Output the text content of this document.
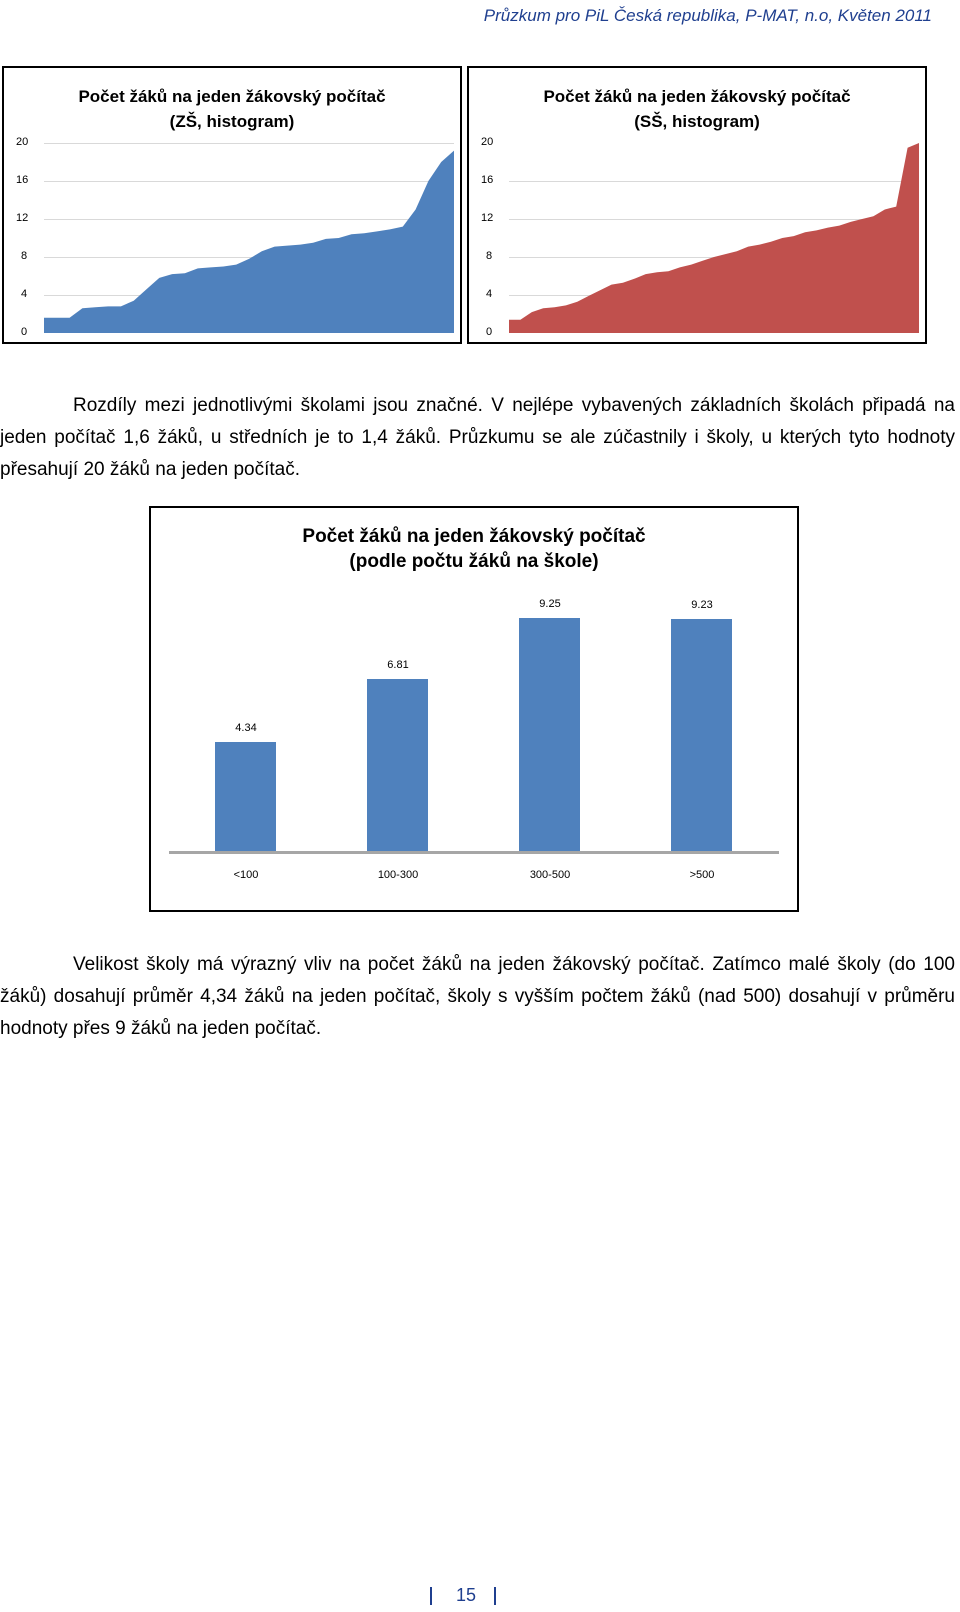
Průzkum pro PiL Česká republika, P-MAT, n.o, Květen 2011
Počet žáků na jeden žákovský počítač
(ZŠ, histogram)
20
16
12
8
4
0
Počet žáků na jeden žákovský počítač
(SŠ, histogram)
20
16
12
8
4
0

Rozdíly mezi jednotlivými školami jsou značné. V nejlépe vybavených základních školách připadá na jeden počítač 1,6 žáků, u středních je to 1,4 žáků. Průzkumu se ale zúčastnily i školy, u kterých tyto hodnoty přesahují 20 žáků na jeden počítač.

Počet žáků na jeden žákovský počítač
(podle počtu žáků na škole)
4.34
<100
6.81
100-300
9.25
300-500
9.23
>500

Velikost školy má výrazný vliv na počet žáků na jeden žákovský počítač. Zatímco malé školy (do 100 žáků) dosahují průměr 4,34 žáků na jeden počítač, školy s vyšším počtem žáků (nad 500) dosahují v průměru hodnoty přes 9 žáků na jeden počítač.

15
